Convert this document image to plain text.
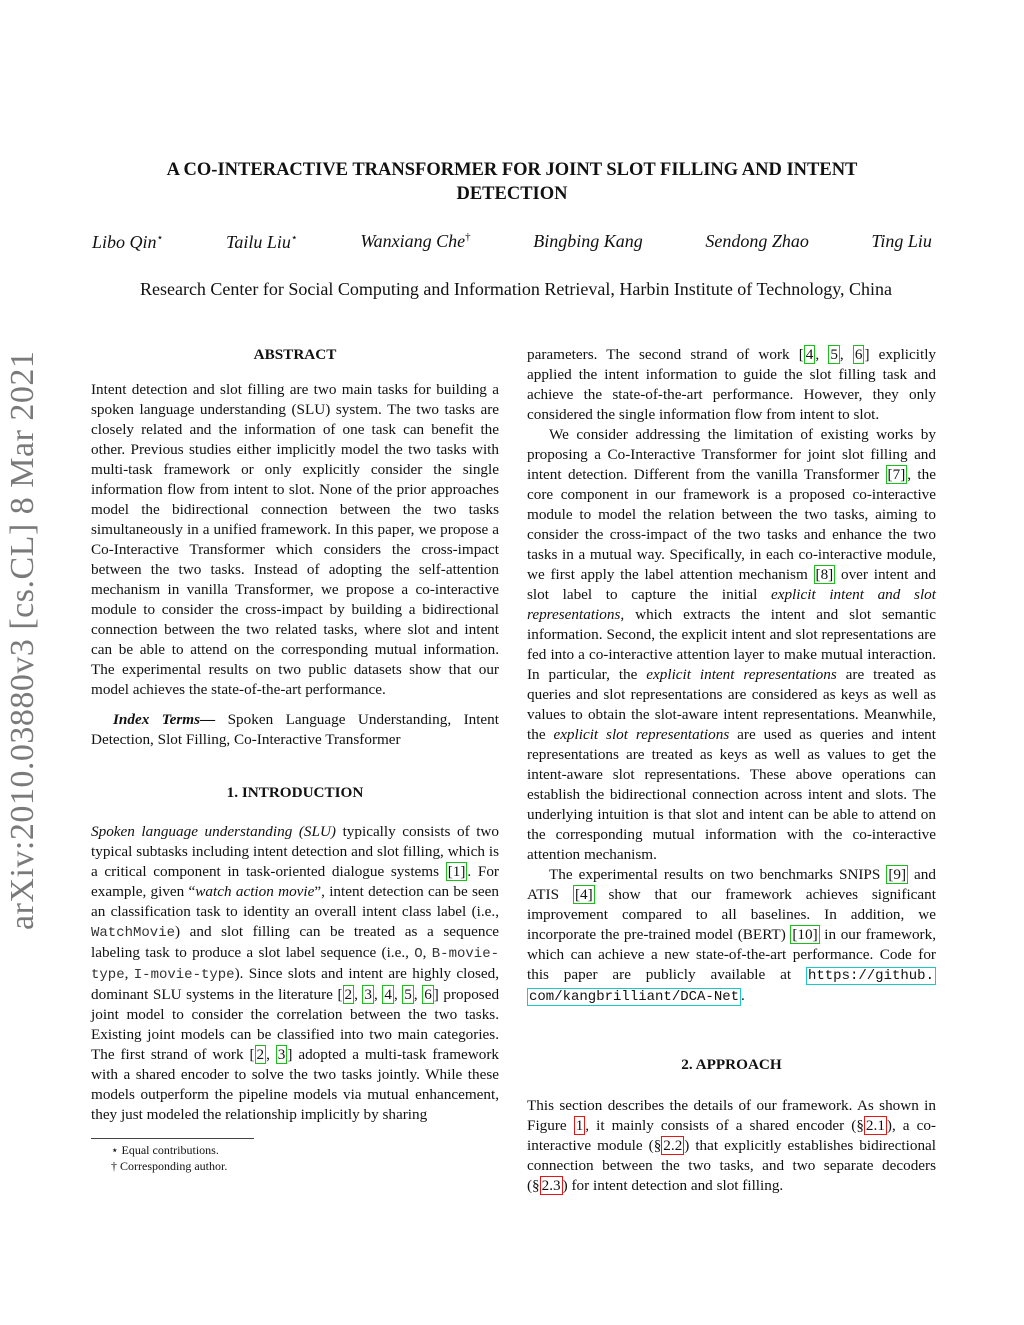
arXiv:2010.03880v3 [cs.CL] 8 Mar 2021
A CO-INTERACTIVE TRANSFORMER FOR JOINT SLOT FILLING AND INTENT
DETECTION
Libo Qin⋆	Tailu Liu⋆	Wanxiang Che†	Bingbing Kang	Sendong Zhao	Ting Liu
Research Center for Social Computing and Information Retrieval, Harbin Institute of Technology, China
ABSTRACT

Intent detection and slot filling are two main tasks for building a spoken language understanding (SLU) system. The two tasks are closely related and the information of one task can benefit the other. Previous studies either implicitly model the two tasks with multi-task framework or only explicitly consider the single information flow from intent to slot. None of the prior approaches model the bidirectional connection between the two tasks simultaneously in a unified framework. In this paper, we propose a Co-Interactive Transformer which considers the cross-impact between the two tasks. Instead of adopting the self-attention mechanism in vanilla Transformer, we propose a co-interactive module to consider the cross-impact by building a bidirectional connection between the two related tasks, where slot and intent can be able to attend on the corresponding mutual information. The experimental results on two public datasets show that our model achieves the state-of-the-art performance.

Index Terms— Spoken Language Understanding, Intent Detection, Slot Filling, Co-Interactive Transformer

1. INTRODUCTION

Spoken language understanding (SLU) typically consists of two typical subtasks including intent detection and slot filling, which is a critical component in task-oriented dialogue systems [1] . For example, given “watch action movie”, intent detection can be seen an classification task to identity an overall intent class label (i.e., WatchMovie) and slot filling can be treated as a sequence labeling task to produce a slot label sequence (i.e., O, B-movie-type, I-movie-type). Since slots and intent are highly closed, dominant SLU systems in the literature [ 2 , 3 , 4 , 5 , 6 ] proposed joint model to consider the correlation between the two tasks. Existing joint models can be classified into two main categories. The first strand of work [ 2 , 3 ] adopted a multi-task framework with a shared encoder to solve the two tasks jointly. While these models outperform the pipeline models via mutual enhancement, they just modeled the relationship implicitly by sharing

⋆ Equal contributions.
† Corresponding author.

parameters. The second strand of work [ 4 , 5 , 6 ] explicitly applied the intent information to guide the slot filling task and achieve the state-of-the-art performance. However, they only considered the single information flow from intent to slot.

We consider addressing the limitation of existing works by proposing a Co-Interactive Transformer for joint slot filling and intent detection. Different from the vanilla Transformer [7] , the core component in our framework is a proposed co-interactive module to model the relation between the two tasks, aiming to consider the cross-impact of the two tasks and enhance the two tasks in a mutual way. Specifically, in each co-interactive module, we first apply the label attention mechanism [8] over intent and slot label to capture the initial explicit intent and slot representations, which extracts the intent and slot semantic information. Second, the explicit intent and slot representations are fed into a co-interactive attention layer to make mutual interaction. In particular, the explicit intent representations are treated as queries and slot representations are considered as keys as well as values to obtain the slot-aware intent representations. Meanwhile, the explicit slot representations are used as queries and intent representations are treated as keys as well as values to get the intent-aware slot representations. These above operations can establish the bidirectional connection across intent and slots. The underlying intuition is that slot and intent can be able to attend on the corresponding mutual information with the co-interactive attention mechanism.

The experimental results on two benchmarks SNIPS [9] and ATIS [4] show that our framework achieves significant improvement compared to all baselines. In addition, we incorporate the pre-trained model (BERT) [10] in our framework, which can achieve a new state-of-the-art performance. Code for this paper are publicly available at https://github. com/kangbrilliant/DCA-Net .

2. APPROACH

This section describes the details of our framework. As shown in Figure 1 , it mainly consists of a shared encoder (§ 2.1 ), a co-interactive module (§ 2.2 ) that explicitly establishes bidirectional connection between the two tasks, and two separate decoders (§ 2.3 ) for intent detection and slot filling.
